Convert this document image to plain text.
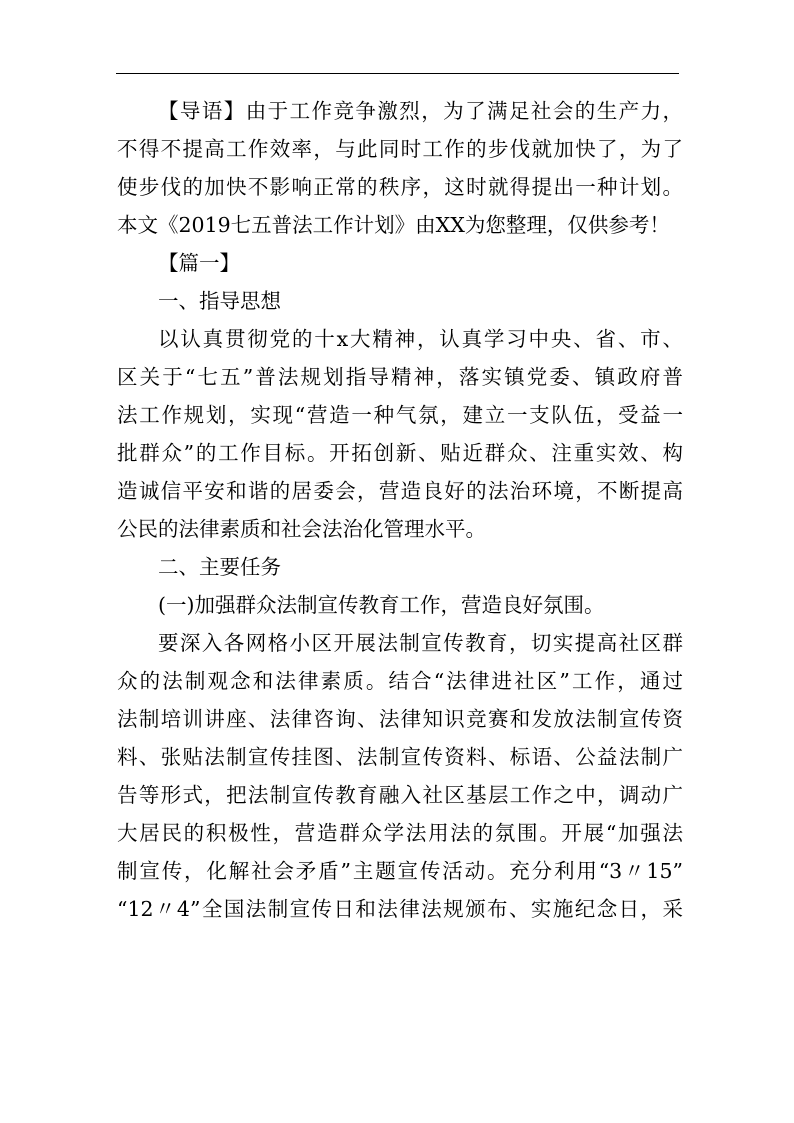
【导语】由于工作竞争激烈，为了满足社会的生产力，
不得不提高工作效率，与此同时工作的步伐就加快了，为了
使步伐的加快不影响正常的秩序，这时就得提出一种计划。
本文《2019七五普法工作计划》由XX为您整理，仅供参考！
【篇一】
一、指导思想
以认真贯彻党的十x大精神，认真学习中央、省、市、
区关于“七五”普法规划指导精神，落实镇党委、镇政府普
法工作规划，实现“营造一种气氛，建立一支队伍，受益一
批群众”的工作目标。开拓创新、贴近群众、注重实效、构
造诚信平安和谐的居委会，营造良好的法治环境，不断提高
公民的法律素质和社会法治化管理水平。
二、主要任务
(一)加强群众法制宣传教育工作，营造良好氛围。
要深入各网格小区开展法制宣传教育，切实提高社区群
众的法制观念和法律素质。结合“法律进社区”工作，通过
法制培训讲座、法律咨询、法律知识竞赛和发放法制宣传资
料、张贴法制宣传挂图、法制宣传资料、标语、公益法制广
告等形式，把法制宣传教育融入社区基层工作之中，调动广
大居民的积极性，营造群众学法用法的氛围。开展“加强法
制宣传，化解社会矛盾”主题宣传活动。充分利用“3〃15”
“12〃4”全国法制宣传日和法律法规颁布、实施纪念日，采
